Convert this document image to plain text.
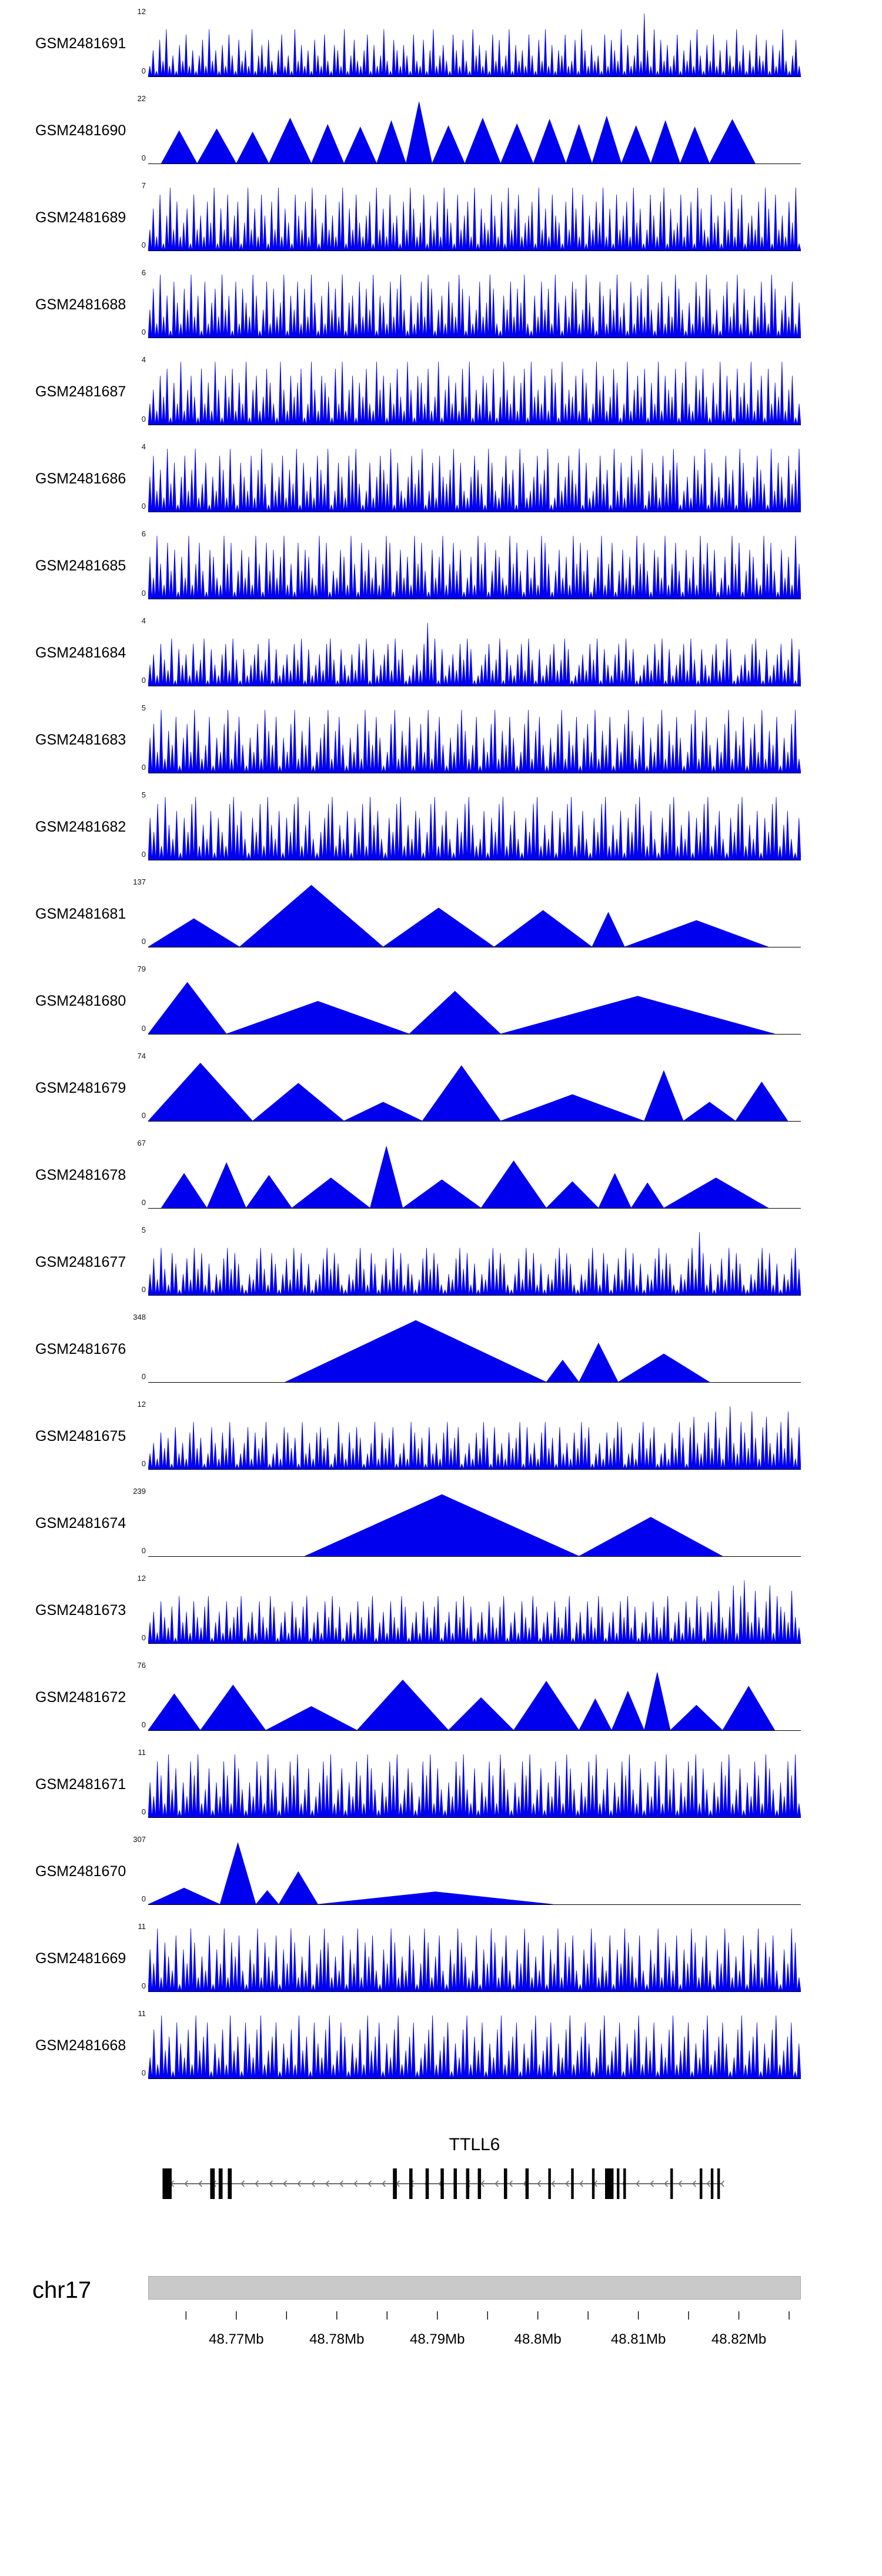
GSM2481691
12
0
GSM2481690
22
0
GSM2481689
7
0
GSM2481688
6
0
GSM2481687
4
0
GSM2481686
4
0
GSM2481685
6
0
GSM2481684
4
0
GSM2481683
5
0
GSM2481682
5
0
GSM2481681
137
0
GSM2481680
79
0
GSM2481679
74
0
GSM2481678
67
0
GSM2481677
5
0
GSM2481676
348
0
GSM2481675
12
0
GSM2481674
239
0
GSM2481673
12
0
GSM2481672
76
0
GSM2481671
11
0
GSM2481670
307
0
GSM2481669
11
0
GSM2481668
11
0
TTLL6
chr17
48.77Mb	48.78Mb	48.79Mb	48.8Mb	48.81Mb	48.82Mb
